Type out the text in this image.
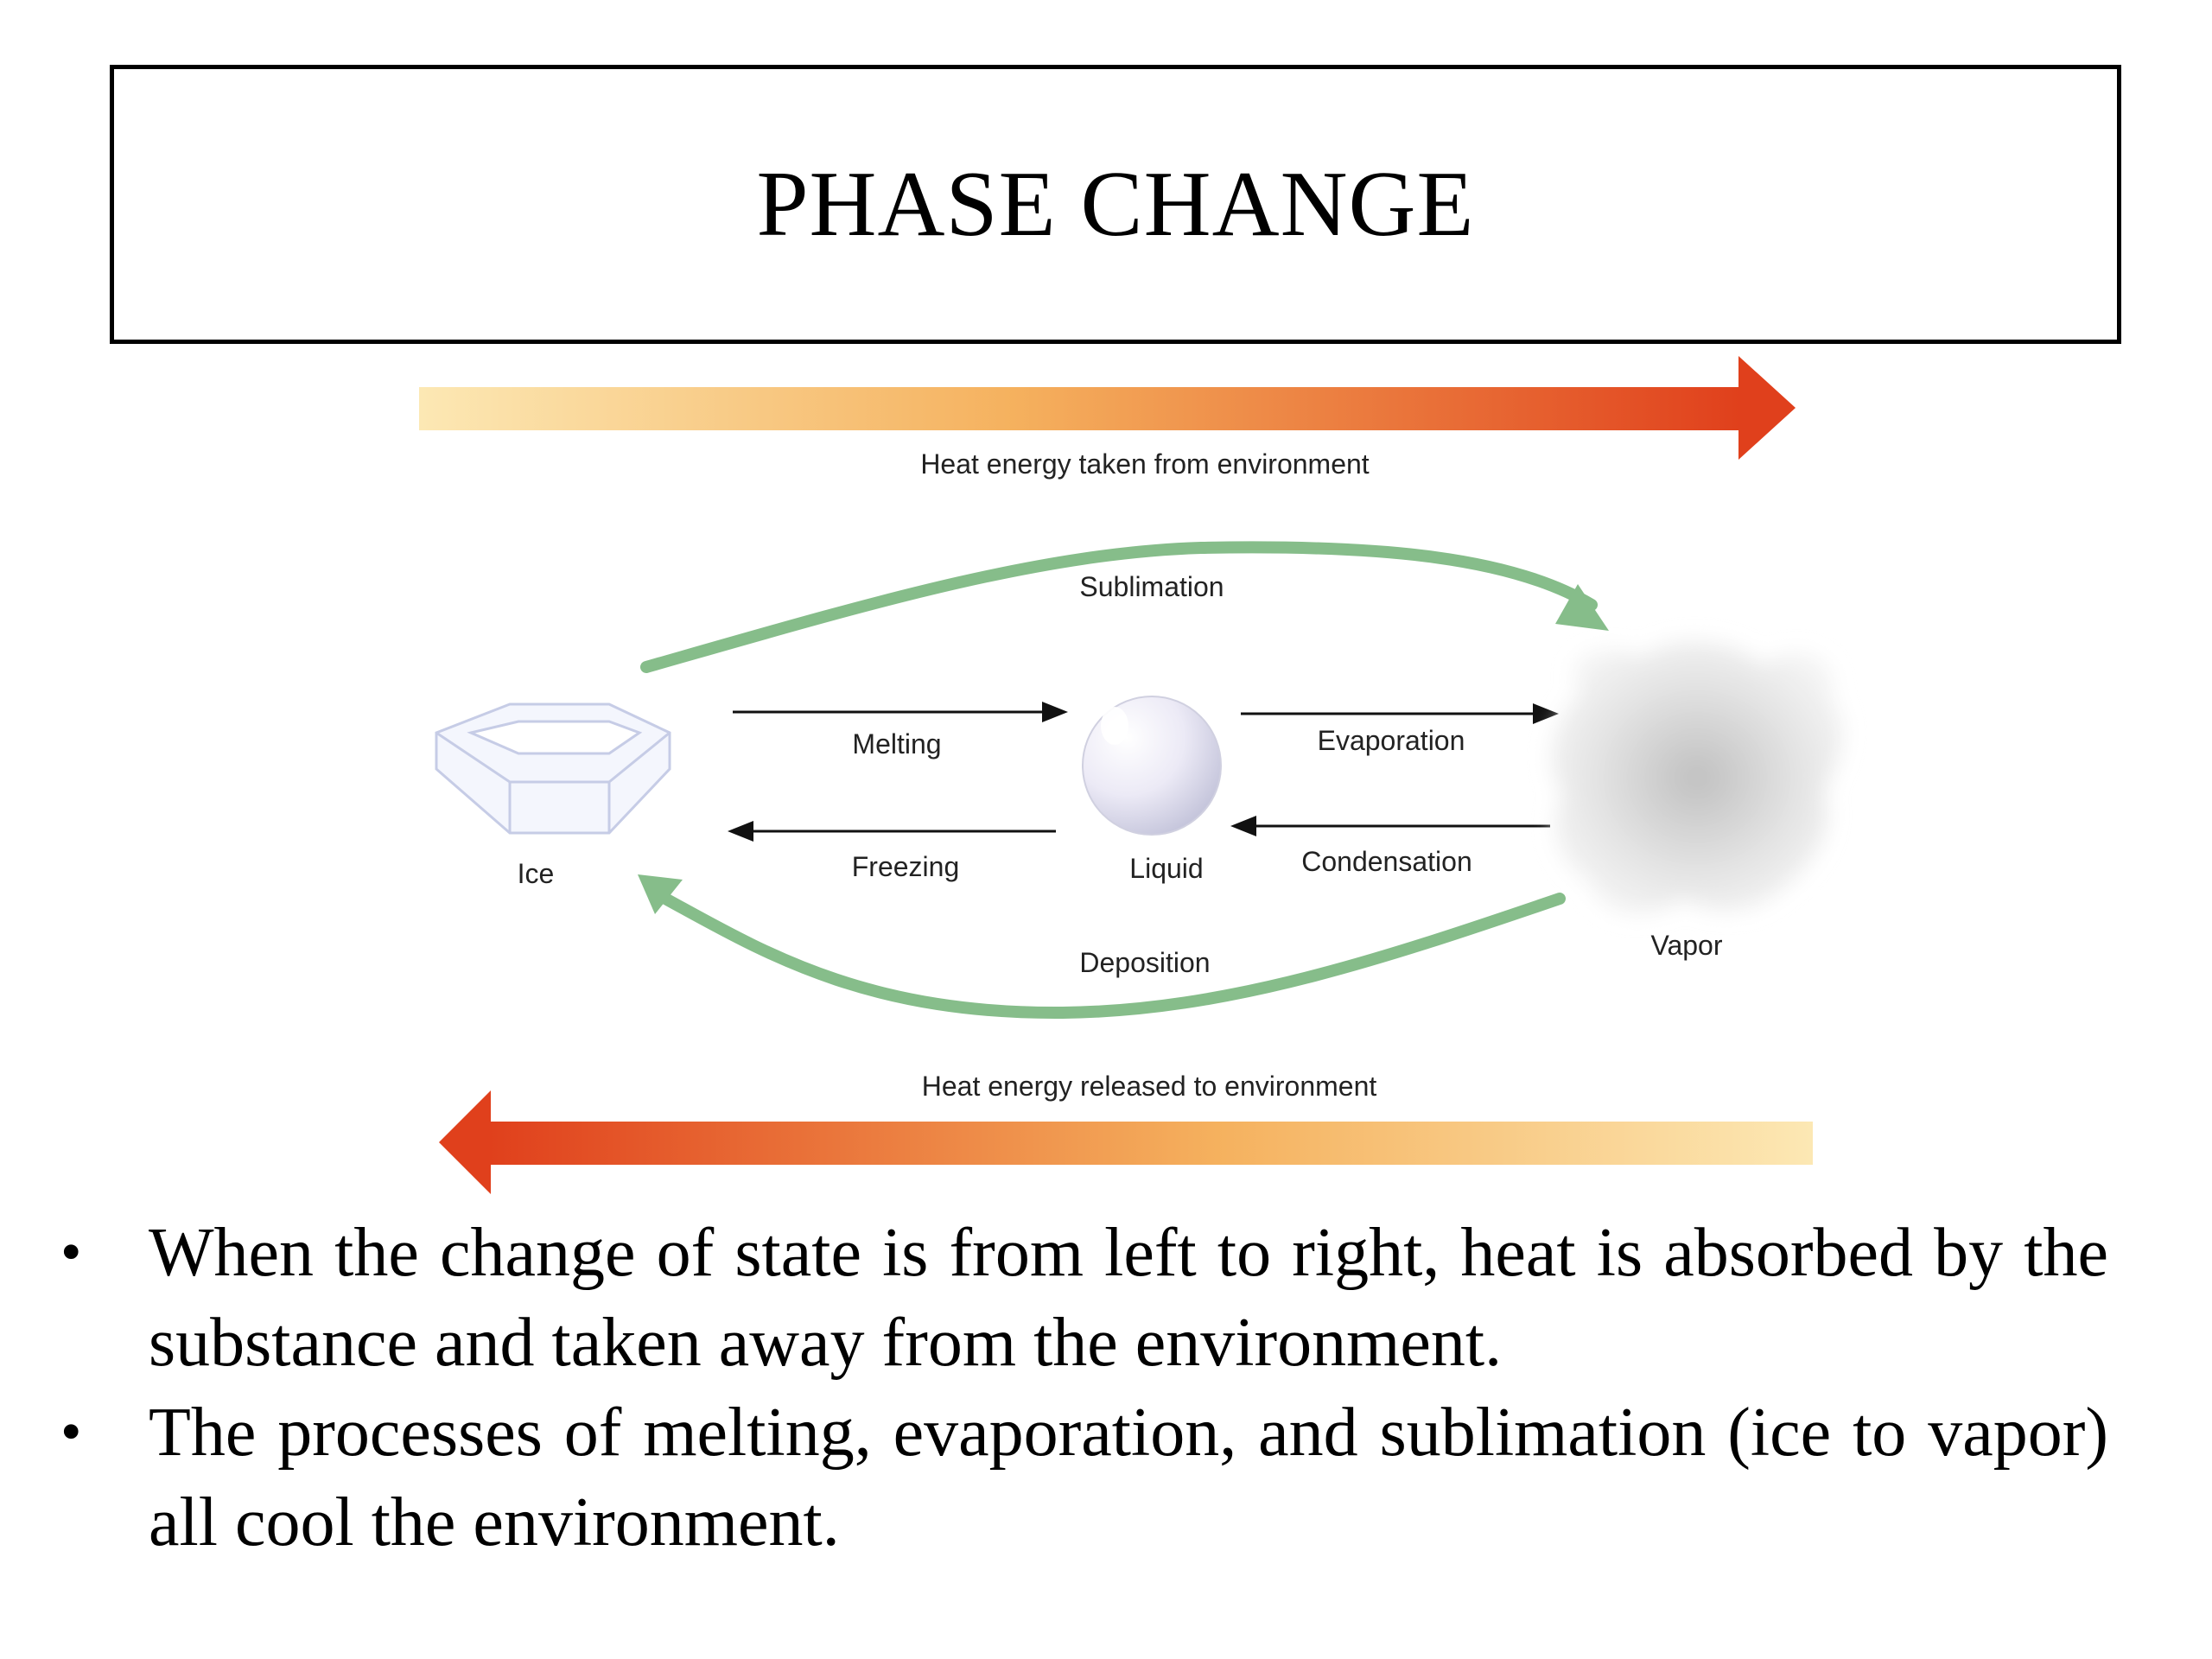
PHASE CHANGE
Heat energy taken from environment
Sublimation
Ice
Melting
Freezing	Liquid
Evaporation
Condensation
Vapor
Deposition
Heat energy released to environment
• When the change of state is from left to right, heat is absorbed by the substance and taken away from the environment.
• The processes of melting, evaporation, and sublimation (ice to vapor) all cool the environment.
